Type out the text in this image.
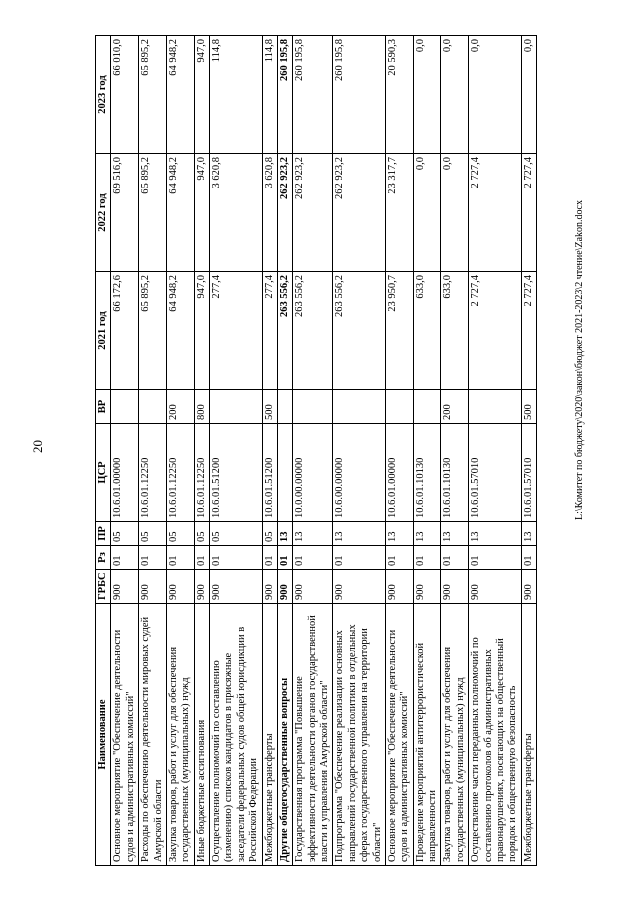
20
Наименование	ГРБС	Рз	ПР	ЦСР	ВР	2021 год	2022 год	2023 год
Основное мероприятие "Обеспечение деятельности судов и административных комиссий"	900	01	05	10.6.01.00000		66 172,6	69 516,0	66 010,0
Расходы по обеспечению деятельности мировых судей Амурской области	900	01	05	10.6.01.12250		65 895,2	65 895,2	65 895,2
Закупка товаров, работ и услуг для обеспечения государственных (муниципальных) нужд	900	01	05	10.6.01.12250	200	64 948,2	64 948,2	64 948,2
Иные бюджетные ассигнования	900	01	05	10.6.01.12250	800	947,0	947,0	947,0
Осуществление полномочий по составлению (изменению) списков кандидатов в присяжные заседатели федеральных судов общей юрисдикции в Российской Федерации	900	01	05	10.6.01.51200		277,4	3 620,8	114,8
Межбюджетные трансферты	900	01	05	10.6.01.51200	500	277,4	3 620,8	114,8
Другие общегосударственные вопросы	900	01	13			263 556,2	262 923,2	260 195,8
Государственная программа "Повышение эффективности деятельности органов государственной власти и управления Амурской области"	900	01	13	10.0.00.00000		263 556,2	262 923,2	260 195,8
Подпрограмма "Обеспечение реализации основных направлений государственной политики в отдельных сферах государственного управления на территории области"	900	01	13	10.6.00.00000		263 556,2	262 923,2	260 195,8
Основное мероприятие "Обеспечение деятельности судов и административных комиссий"	900	01	13	10.6.01.00000		23 950,7	23 317,7	20 590,3
Проведение мероприятий антитеррористической направленности	900	01	13	10.6.01.10130		633,0	0,0	0,0
Закупка товаров, работ и услуг для обеспечения государственных (муниципальных) нужд	900	01	13	10.6.01.10130	200	633,0	0,0	0,0
Осуществление части переданных полномочий по составлению протоколов об административных правонарушениях, посягающих на общественный порядок и общественную безопасность	900	01	13	10.6.01.57010		2 727,4	2 727,4	0,0
Межбюджетные трансферты	900	01	13	10.6.01.57010	500	2 727,4	2 727,4	0,0
L:\Комитет по бюджету\2020\закон\бюджет 2021-2023\2 чтение\Zakon.docx
